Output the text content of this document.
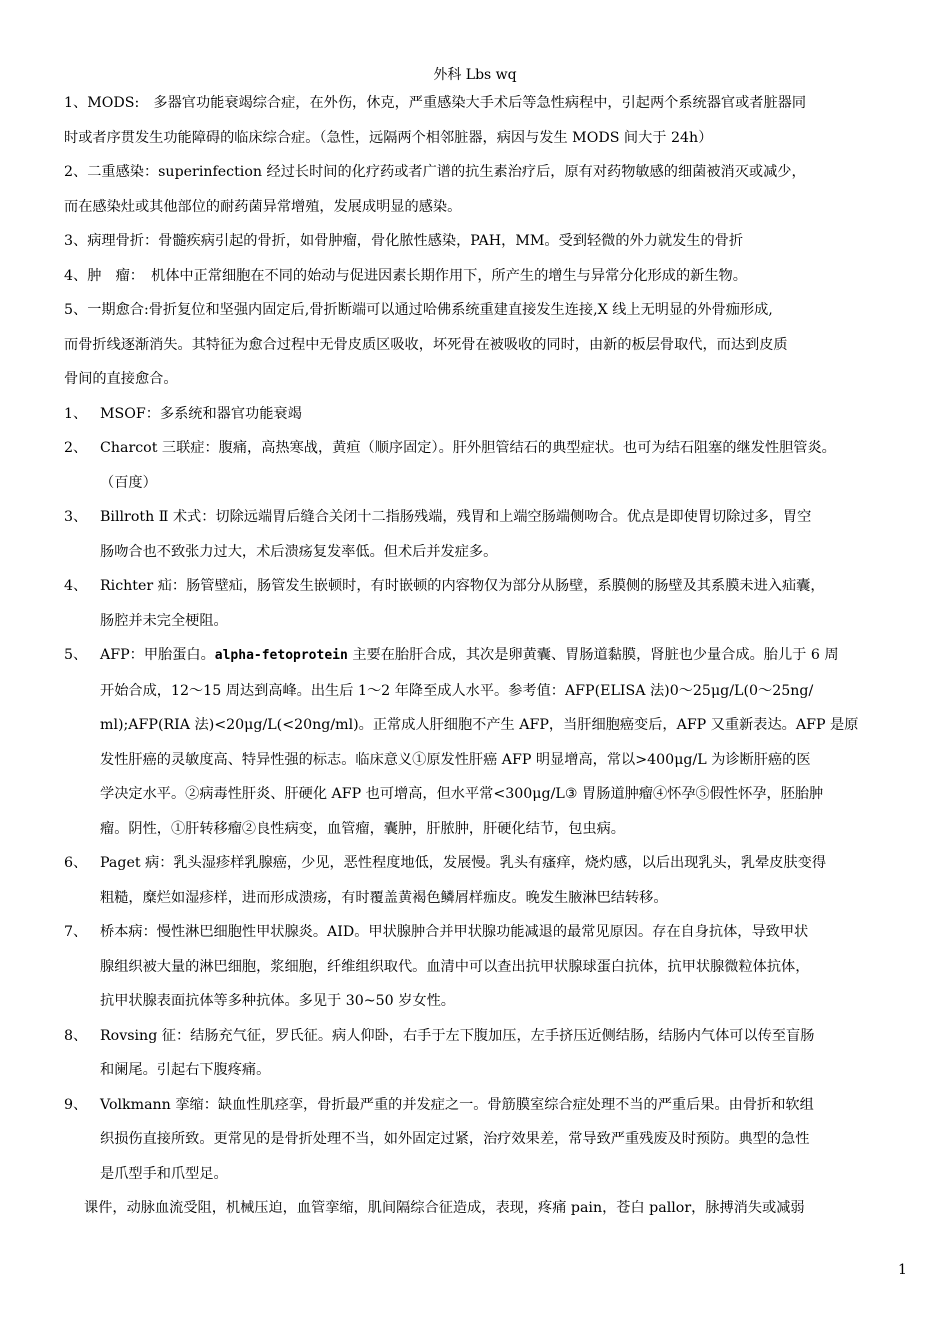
外科 Lbs wq

1、MODS:　多器官功能衰竭综合症，在外伤，休克，严重感染大手术后等急性病程中，引起两个系统器官或者脏器同

时或者序贯发生功能障碍的临床综合症。（急性，远隔两个相邻脏器，病因与发生 MODS 间大于 24h）

2、二重感染：superinfection 经过长时间的化疗药或者广谱的抗生素治疗后，原有对药物敏感的细菌被消灭或减少，

而在感染灶或其他部位的耐药菌异常增殖，发展成明显的感染。

3、病理骨折：骨髓疾病引起的骨折，如骨肿瘤，骨化脓性感染，PAH，MM。受到轻微的外力就发生的骨折

4、肿　瘤：　机体中正常细胞在不同的始动与促进因素长期作用下，所产生的增生与异常分化形成的新生物。

5、一期愈合:骨折复位和坚强内固定后,骨折断端可以通过哈佛系统重建直接发生连接,X 线上无明显的外骨痂形成,

而骨折线逐渐消失。其特征为愈合过程中无骨皮质区吸收，坏死骨在被吸收的同时，由新的板层骨取代，而达到皮质

骨间的直接愈合。

1、 MSOF：多系统和器官功能衰竭
2、 Charcot 三联症：腹痛，高热寒战，黄疸（顺序固定）。肝外胆管结石的典型症状。也可为结石阻塞的继发性胆管炎。
（百度）
3、 Billroth Ⅱ 术式：切除远端胃后缝合关闭十二指肠残端，残胃和上端空肠端侧吻合。优点是即使胃切除过多，胃空
肠吻合也不致张力过大，术后溃疡复发率低。但术后并发症多。
4、 Richter 疝：肠管壁疝，肠管发生嵌顿时，有时嵌顿的内容物仅为部分从肠壁，系膜侧的肠壁及其系膜未进入疝囊，
肠腔并未完全梗阻。
5、 AFP：甲胎蛋白。alpha-fetoprotein 主要在胎肝合成，其次是卵黄囊、胃肠道黏膜，肾脏也少量合成。胎儿于 6 周
开始合成，12～15 周达到高峰。出生后 1～2 年降至成人水平。参考值：AFP(ELISA 法)0～25μg/L(0～25ng/
ml);AFP(RIA 法)<20μg/L(<20ng/ml)。正常成人肝细胞不产生 AFP，当肝细胞癌变后，AFP 又重新表达。AFP 是原
发性肝癌的灵敏度高、特异性强的标志。临床意义①原发性肝癌 AFP 明显增高，常以>400μg/L 为诊断肝癌的医
学决定水平。②病毒性肝炎、肝硬化 AFP 也可增高，但水平常<300μg/L③ 胃肠道肿瘤④怀孕⑤假性怀孕，胚胎肿
瘤。阴性，①肝转移瘤②良性病变，血管瘤，囊肿，肝脓肿，肝硬化结节，包虫病。
6、 Paget 病：乳头湿疹样乳腺癌，少见，恶性程度地低，发展慢。乳头有瘙痒，烧灼感，以后出现乳头，乳晕皮肤变得
粗糙，糜烂如湿疹样，进而形成溃疡，有时覆盖黄褐色鳞屑样痂皮。晚发生腋淋巴结转移。
7、 桥本病：慢性淋巴细胞性甲状腺炎。AID。甲状腺肿合并甲状腺功能减退的最常见原因。存在自身抗体，导致甲状
腺组织被大量的淋巴细胞，浆细胞，纤维组织取代。血清中可以查出抗甲状腺球蛋白抗体，抗甲状腺微粒体抗体，
抗甲状腺表面抗体等多种抗体。多见于 30~50 岁女性。
8、 Rovsing 征：结肠充气征，罗氏征。病人仰卧，右手于左下腹加压，左手挤压近侧结肠，结肠内气体可以传至盲肠
和阑尾。引起右下腹疼痛。
9、 Volkmann 挛缩：缺血性肌痉挛，骨折最严重的并发症之一。骨筋膜室综合症处理不当的严重后果。由骨折和软组
织损伤直接所致。更常见的是骨折处理不当，如外固定过紧，治疗效果差，常导致严重残废及时预防。典型的急性
是爪型手和爪型足。

课件，动脉血流受阻，机械压迫，血管挛缩，肌间隔综合征造成，表现，疼痛 pain，苍白 pallor，脉搏消失或减弱

1
